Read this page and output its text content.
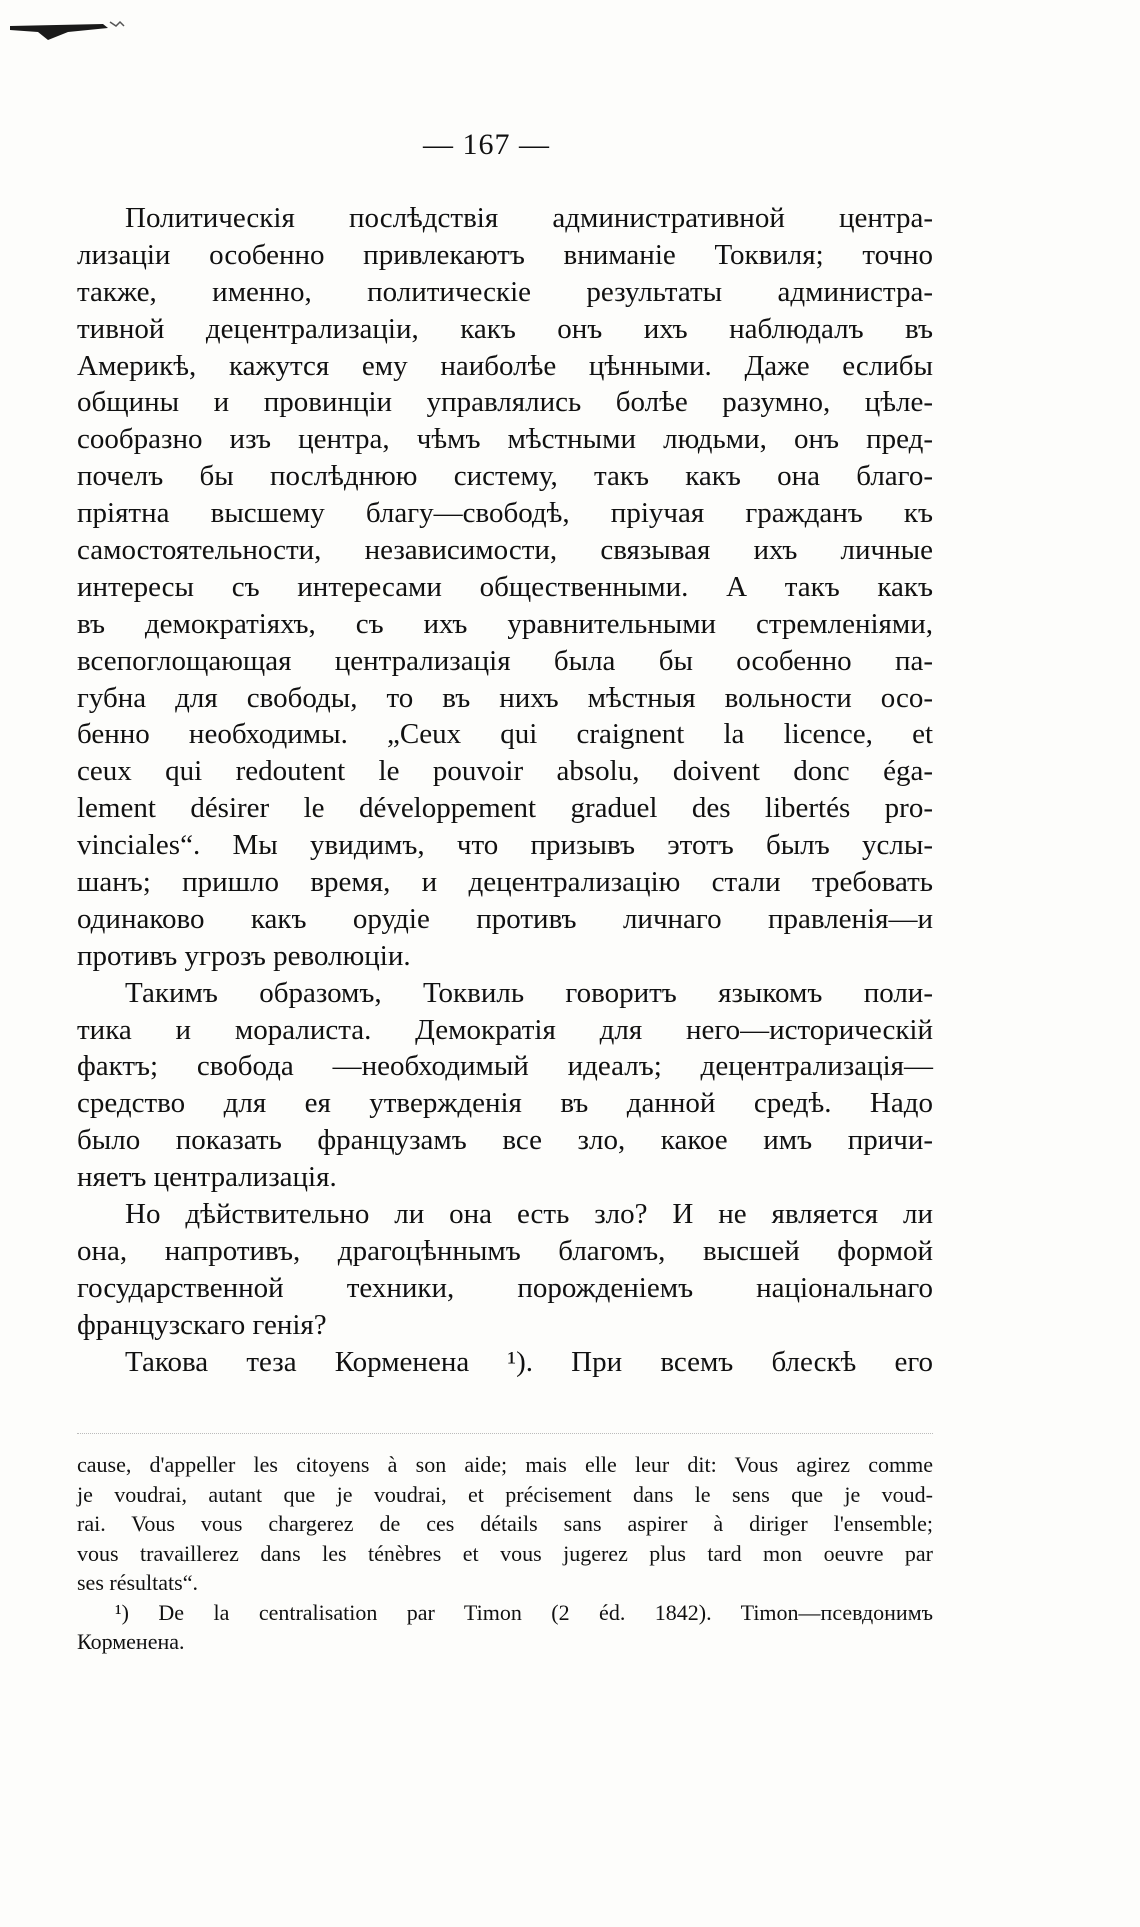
— 167 —
Политическія послѣдствія административной центра-
лизаціи особенно привлекаютъ вниманіе Токвиля; точно
также, именно, политическіе результаты администра-
тивной децентрализаціи, какъ онъ ихъ наблюдалъ въ
Америкѣ, кажутся ему наиболѣе цѣнными. Даже еслибы
общины и провинціи управлялись болѣе разумно, цѣле-
сообразно изъ центра, чѣмъ мѣстными людьми, онъ пред-
почелъ бы послѣднюю систему, такъ какъ она благо-
пріятна высшему благу—свободѣ, пріучая гражданъ къ
самостоятельности, независимости, связывая ихъ личные
интересы съ интересами общественными. А такъ какъ
въ демократіяхъ, съ ихъ уравнительными стремленіями,
всепоглощающая централизація была бы особенно па-
губна для свободы, то въ нихъ мѣстныя вольности осо-
бенно необходимы. „Ceux qui craignent la licence, et
ceux qui redoutent le pouvoir absolu, doivent donc éga-
lement désirer le développement graduel des libertés pro-
vinciales“. Мы увидимъ, что призывъ этотъ былъ услы-
шанъ; пришло время, и децентрализацію стали требовать
одинаково какъ орудіе противъ личнаго правленія—и
противъ угрозъ революціи.
Такимъ образомъ, Токвиль говоритъ языкомъ поли-
тика и моралиста. Демократія для него—историческій
фактъ; свобода —необходимый идеалъ; децентрализація—
средство для ея утвержденія въ данной средѣ. Надо
было показать французамъ все зло, какое имъ причи-
няетъ централизація.
Но дѣйствительно ли она есть зло? И не является ли
она, напротивъ, драгоцѣннымъ благомъ, высшей формой
государственной техники, порожденіемъ національнаго
французскаго генія?
Такова теза Корменена ¹). При всемъ блескѣ его
cause, d'appeller les citoyens à son aide; mais elle leur dit: Vous agirez comme
je voudrai, autant que je voudrai, et précisement dans le sens que je voud-
rai. Vous vous chargerez de ces détails sans aspirer à diriger l'ensemble;
vous travaillerez dans les ténèbres et vous jugerez plus tard mon oeuvre par
ses résultats“.
¹) De la centralisation par Timon (2 éd. 1842). Timon—псевдонимъ
Корменена.
